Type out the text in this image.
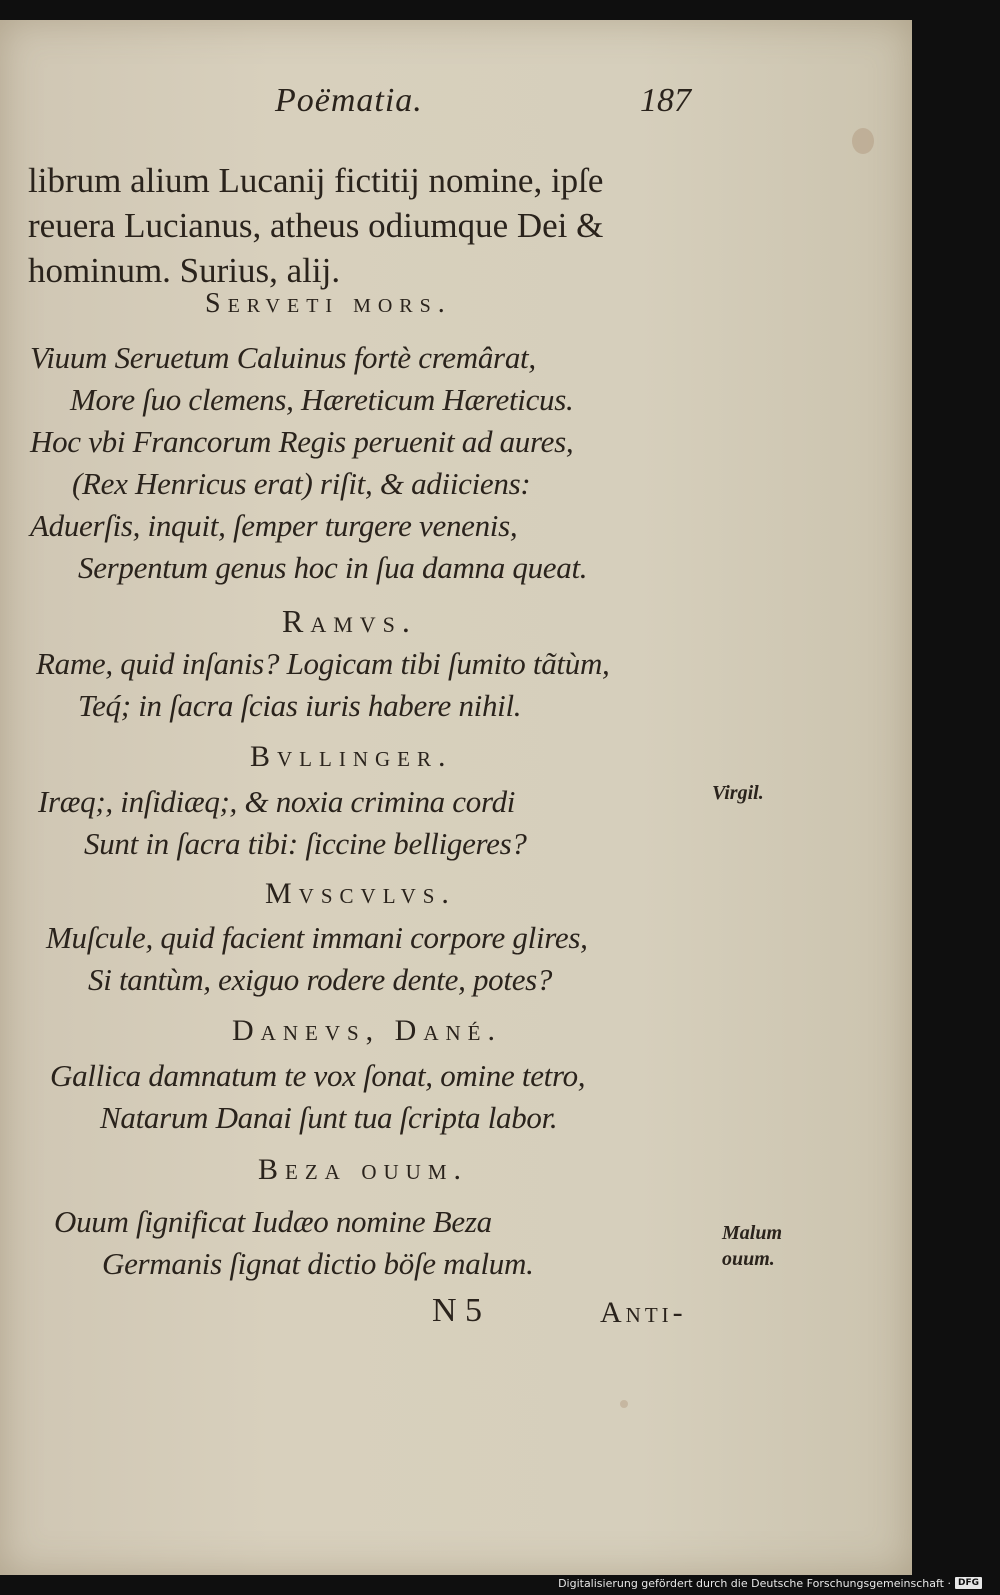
Poëmatia.	187
librum alium Lucanij fictitij nomine, ipſe
reuera Lucianus, atheus odiumque Dei &
hominum. Surius, alij.
Serveti mors.
Viuum Seruetum Caluinus fortè cremârat,
More ſuo clemens, Hæreticum Hæreticus.
Hoc vbi Francorum Regis peruenit ad aures,
(Rex Henricus erat) riſit, & adiiciens:
Aduerſis, inquit, ſemper turgere venenis,
Serpentum genus hoc in ſua damna queat.
Ramvs.
Rame, quid inſanis? Logicam tibi ſumito tãtùm,
Teq́; in ſacra ſcias iuris habere nihil.
Bvllinger.
Iræq;, inſidiæq;, & noxia crimina cordi
Sunt in ſacra tibi: ſiccine belligeres?
Virgil.
Mvscvlvs.
Muſcule, quid facient immani corpore glires,
Si tantùm, exiguo rodere dente, potes?
Danevs, Dané.
Gallica damnatum te vox ſonat, omine tetro,
Natarum Danai ſunt tua ſcripta labor.
Beza ouum.
Ouum ſignificat Iudæo nomine Beza
Germanis ſignat dictio böſe malum.
Malum
ouum.
N 5	Anti-
Digitalisierung gefördert durch die Deutsche Forschungsgemeinschaft · DFG
